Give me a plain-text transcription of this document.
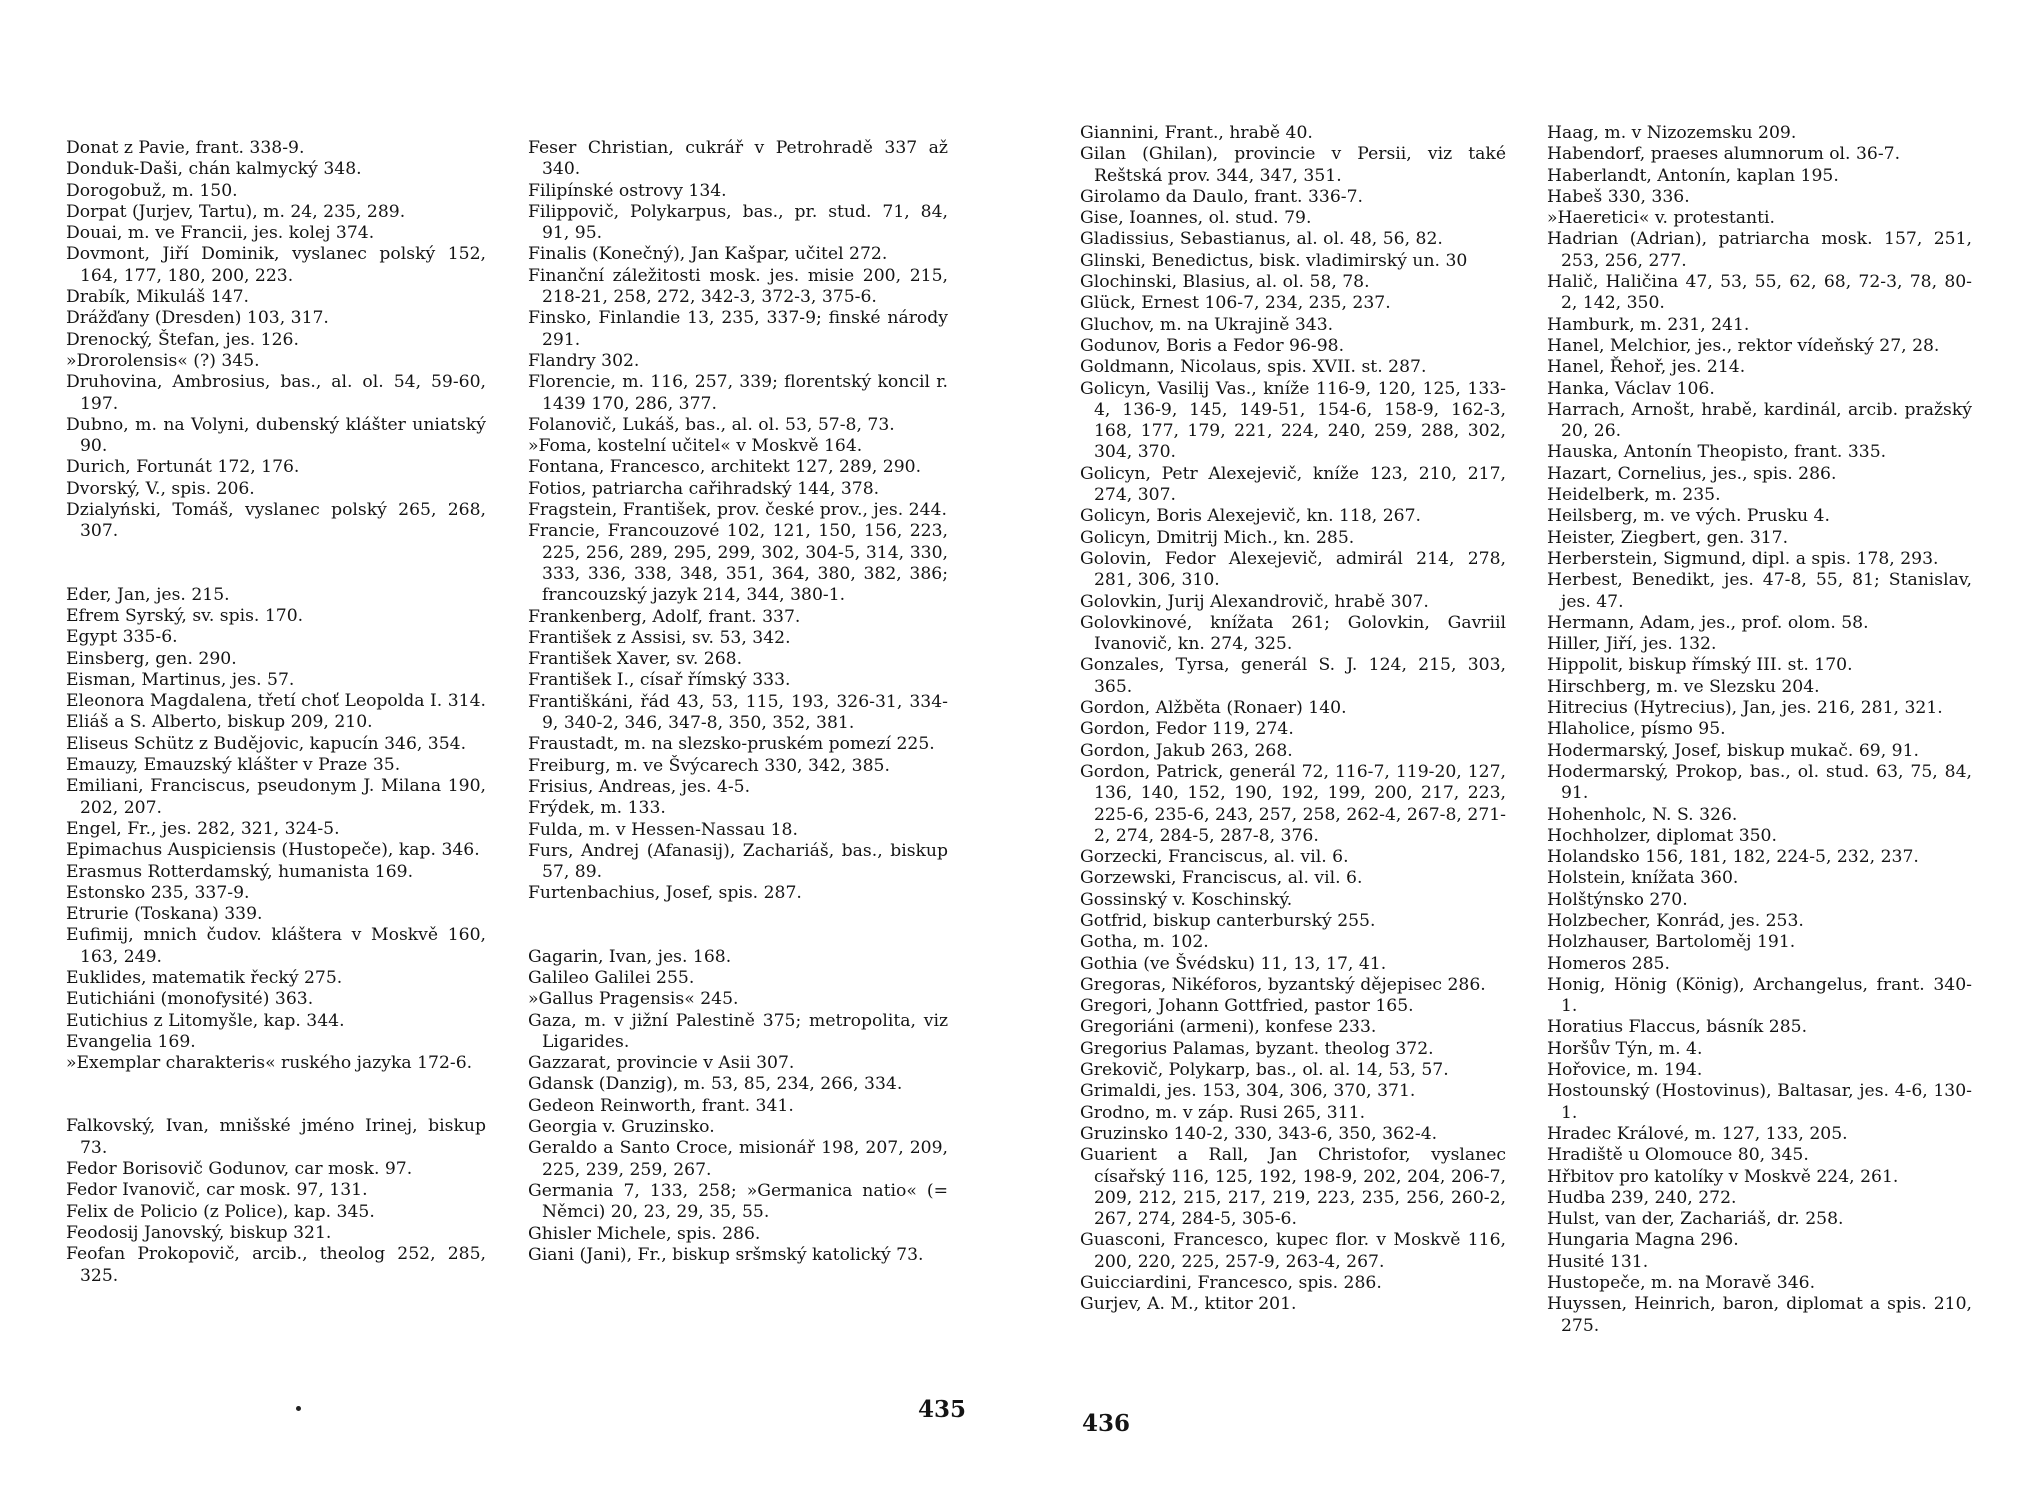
Donat z Pavie, frant. 338-9.
Donduk-Daši, chán kalmycký 348.
Dorogobuž, m. 150.
Dorpat (Jurjev, Tartu), m. 24, 235, 289.
Douai, m. ve Francii, jes. kolej 374.
Dovmont, Jiří Dominik, vyslanec polský 152, 164, 177, 180, 200, 223.
Drabík, Mikuláš 147.
Drážďany (Dresden) 103, 317.
Drenocký, Štefan, jes. 126.
»Drorolensis« (?) 345.
Druhovina, Ambrosius, bas., al. ol. 54, 59-60, 197.
Dubno, m. na Volyni, dubenský klášter uniatský 90.
Durich, Fortunát 172, 176.
Dvorský, V., spis. 206.
Dzialyński, Tomáš, vyslanec polský 265, 268, 307.
Eder, Jan, jes. 215.
Efrem Syrský, sv. spis. 170.
Egypt 335-6.
Einsberg, gen. 290.
Eisman, Martinus, jes. 57.
Eleonora Magdalena, třetí choť Leopolda I. 314.
Eliáš a S. Alberto, biskup 209, 210.
Eliseus Schütz z Budějovic, kapucín 346, 354.
Emauzy, Emauzský klášter v Praze 35.
Emiliani, Franciscus, pseudonym J. Milana 190, 202, 207.
Engel, Fr., jes. 282, 321, 324-5.
Epimachus Auspiciensis (Hustopeče), kap. 346.
Erasmus Rotterdamský, humanista 169.
Estonsko 235, 337-9.
Etrurie (Toskana) 339.
Eufimij, mnich čudov. kláštera v Moskvě 160, 163, 249.
Euklides, matematik řecký 275.
Eutichiáni (monofysité) 363.
Eutichius z Litomyšle, kap. 344.
Evangelia 169.
»Exemplar charakteris« ruského jazyka 172-6.
Falkovský, Ivan, mnišské jméno Irinej, biskup 73.
Fedor Borisovič Godunov, car mosk. 97.
Fedor Ivanovič, car mosk. 97, 131.
Felix de Policio (z Police), kap. 345.
Feodosij Janovský, biskup 321.
Feofan Prokopovič, arcib., theolog 252, 285, 325.
Feser Christian, cukrář v Petrohradě 337 až 340.
Filipínské ostrovy 134.
Filippovič, Polykarpus, bas., pr. stud. 71, 84, 91, 95.
Finalis (Konečný), Jan Kašpar, učitel 272.
Finanční záležitosti mosk. jes. misie 200, 215, 218-21, 258, 272, 342-3, 372-3, 375-6.
Finsko, Finlandie 13, 235, 337-9; finské národy 291.
Flandry 302.
Florencie, m. 116, 257, 339; florentský koncil r. 1439 170, 286, 377.
Folanovič, Lukáš, bas., al. ol. 53, 57-8, 73.
»Foma, kostelní učitel« v Moskvě 164.
Fontana, Francesco, architekt 127, 289, 290.
Fotios, patriarcha cařihradský 144, 378.
Fragstein, František, prov. české prov., jes. 244.
Francie, Francouzové 102, 121, 150, 156, 223, 225, 256, 289, 295, 299, 302, 304-5, 314, 330, 333, 336, 338, 348, 351, 364, 380, 382, 386; francouzský jazyk 214, 344, 380-1.
Frankenberg, Adolf, frant. 337.
František z Assisi, sv. 53, 342.
František Xaver, sv. 268.
František I., císař římský 333.
Františkáni, řád 43, 53, 115, 193, 326-31, 334-9, 340-2, 346, 347-8, 350, 352, 381.
Fraustadt, m. na slezsko-pruském pomezí 225.
Freiburg, m. ve Švýcarech 330, 342, 385.
Frisius, Andreas, jes. 4-5.
Frýdek, m. 133.
Fulda, m. v Hessen-Nassau 18.
Furs, Andrej (Afanasij), Zachariáš, bas., biskup 57, 89.
Furtenbachius, Josef, spis. 287.
Gagarin, Ivan, jes. 168.
Galileo Galilei 255.
»Gallus Pragensis« 245.
Gaza, m. v jižní Palestině 375; metropolita, viz Ligarides.
Gazzarat, provincie v Asii 307.
Gdansk (Danzig), m. 53, 85, 234, 266, 334.
Gedeon Reinworth, frant. 341.
Georgia v. Gruzinsko.
Geraldo a Santo Croce, misionář 198, 207, 209, 225, 239, 259, 267.
Germania 7, 133, 258; »Germanica natio« (= Němci) 20, 23, 29, 35, 55.
Ghisler Michele, spis. 286.
Giani (Jani), Fr., biskup sršmský katolický 73.
435
Giannini, Frant., hrabě 40.
Gilan (Ghilan), provincie v Persii, viz také Reštská prov. 344, 347, 351.
Girolamo da Daulo, frant. 336-7.
Gise, Ioannes, ol. stud. 79.
Gladissius, Sebastianus, al. ol. 48, 56, 82.
Glinski, Benedictus, bisk. vladimirský un. 30
Glochinski, Blasius, al. ol. 58, 78.
Glück, Ernest 106-7, 234, 235, 237.
Gluchov, m. na Ukrajině 343.
Godunov, Boris a Fedor 96-98.
Goldmann, Nicolaus, spis. XVII. st. 287.
Golicyn, Vasilij Vas., kníže 116-9, 120, 125, 133-4, 136-9, 145, 149-51, 154-6, 158-9, 162-3, 168, 177, 179, 221, 224, 240, 259, 288, 302, 304, 370.
Golicyn, Petr Alexejevič, kníže 123, 210, 217, 274, 307.
Golicyn, Boris Alexejevič, kn. 118, 267.
Golicyn, Dmitrij Mich., kn. 285.
Golovin, Fedor Alexejevič, admirál 214, 278, 281, 306, 310.
Golovkin, Jurij Alexandrovič, hrabě 307.
Golovkinové, knížata 261; Golovkin, Gavriil Ivanovič, kn. 274, 325.
Gonzales, Tyrsa, generál S. J. 124, 215, 303, 365.
Gordon, Alžběta (Ronaer) 140.
Gordon, Fedor 119, 274.
Gordon, Jakub 263, 268.
Gordon, Patrick, generál 72, 116-7, 119-20, 127, 136, 140, 152, 190, 192, 199, 200, 217, 223, 225-6, 235-6, 243, 257, 258, 262-4, 267-8, 271-2, 274, 284-5, 287-8, 376.
Gorzecki, Franciscus, al. vil. 6.
Gorzewski, Franciscus, al. vil. 6.
Gossinský v. Koschinský.
Gotfrid, biskup canterburský 255.
Gotha, m. 102.
Gothia (ve Švédsku) 11, 13, 17, 41.
Gregoras, Nikéforos, byzantský dějepisec 286.
Gregori, Johann Gottfried, pastor 165.
Gregoriáni (armeni), konfese 233.
Gregorius Palamas, byzant. theolog 372.
Grekovič, Polykarp, bas., ol. al. 14, 53, 57.
Grimaldi, jes. 153, 304, 306, 370, 371.
Grodno, m. v záp. Rusi 265, 311.
Gruzinsko 140-2, 330, 343-6, 350, 362-4.
Guarient a Rall, Jan Christofor, vyslanec císařský 116, 125, 192, 198-9, 202, 204, 206-7, 209, 212, 215, 217, 219, 223, 235, 256, 260-2, 267, 274, 284-5, 305-6.
Guasconi, Francesco, kupec flor. v Moskvě 116, 200, 220, 225, 257-9, 263-4, 267.
Guicciardini, Francesco, spis. 286.
Gurjev, A. M., ktitor 201.
Haag, m. v Nizozemsku 209.
Habendorf, praeses alumnorum ol. 36-7.
Haberlandt, Antonín, kaplan 195.
Habeš 330, 336.
»Haeretici« v. protestanti.
Hadrian (Adrian), patriarcha mosk. 157, 251, 253, 256, 277.
Halič, Haličina 47, 53, 55, 62, 68, 72-3, 78, 80-2, 142, 350.
Hamburk, m. 231, 241.
Hanel, Melchior, jes., rektor vídeňský 27, 28.
Hanel, Řehoř, jes. 214.
Hanka, Václav 106.
Harrach, Arnošt, hrabě, kardinál, arcib. pražský 20, 26.
Hauska, Antonín Theopisto, frant. 335.
Hazart, Cornelius, jes., spis. 286.
Heidelberk, m. 235.
Heilsberg, m. ve vých. Prusku 4.
Heister, Ziegbert, gen. 317.
Herberstein, Sigmund, dipl. a spis. 178, 293.
Herbest, Benedikt, jes. 47-8, 55, 81; Stanislav, jes. 47.
Hermann, Adam, jes., prof. olom. 58.
Hiller, Jiří, jes. 132.
Hippolit, biskup římský III. st. 170.
Hirschberg, m. ve Slezsku 204.
Hitrecius (Hytrecius), Jan, jes. 216, 281, 321.
Hlaholice, písmo 95.
Hodermarský, Josef, biskup mukač. 69, 91.
Hodermarský, Prokop, bas., ol. stud. 63, 75, 84, 91.
Hohenholc, N. S. 326.
Hochholzer, diplomat 350.
Holandsko 156, 181, 182, 224-5, 232, 237.
Holstein, knížata 360.
Holštýnsko 270.
Holzbecher, Konrád, jes. 253.
Holzhauser, Bartoloměj 191.
Homeros 285.
Honig, Hönig (König), Archangelus, frant. 340-1.
Horatius Flaccus, básník 285.
Horšův Týn, m. 4.
Hořovice, m. 194.
Hostounský (Hostovinus), Baltasar, jes. 4-6, 130-1.
Hradec Králové, m. 127, 133, 205.
Hradiště u Olomouce 80, 345.
Hřbitov pro katolíky v Moskvě 224, 261.
Hudba 239, 240, 272.
Hulst, van der, Zachariáš, dr. 258.
Hungaria Magna 296.
Husité 131.
Hustopeče, m. na Moravě 346.
Huyssen, Heinrich, baron, diplomat a spis. 210, 275.
436
